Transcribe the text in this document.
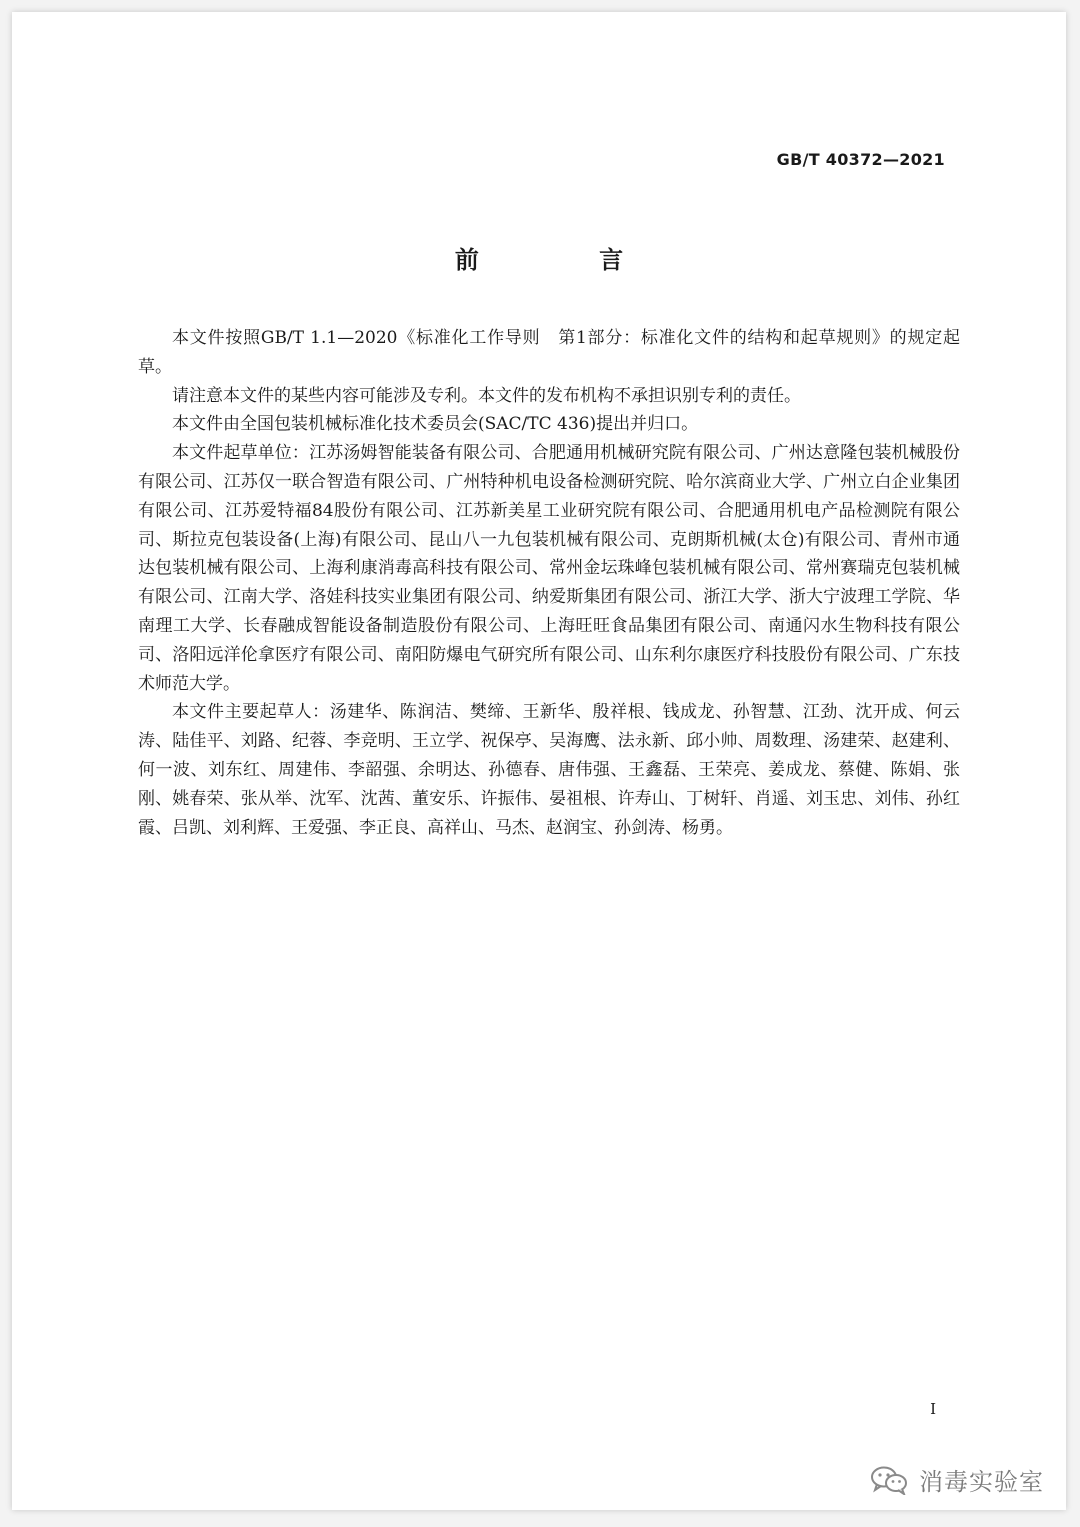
GB/T 40372—2021
前 言

本文件按照GB/T 1.1—2020《标准化工作导则　第1部分：标准化文件的结构和起草规则》的规定起草。

请注意本文件的某些内容可能涉及专利。本文件的发布机构不承担识别专利的责任。

本文件由全国包装机械标准化技术委员会(SAC/TC 436)提出并归口。

本文件起草单位：江苏汤姆智能装备有限公司、合肥通用机械研究院有限公司、广州达意隆包装机械股份有限公司、江苏仅一联合智造有限公司、广州特种机电设备检测研究院、哈尔滨商业大学、广州立白企业集团有限公司、江苏爱特福84股份有限公司、江苏新美星工业研究院有限公司、合肥通用机电产品检测院有限公司、斯拉克包装设备(上海)有限公司、昆山八一九包装机械有限公司、克朗斯机械(太仓)有限公司、青州市通达包装机械有限公司、上海利康消毒高科技有限公司、常州金坛珠峰包装机械有限公司、常州赛瑞克包装机械有限公司、江南大学、洛娃科技实业集团有限公司、纳爱斯集团有限公司、浙江大学、浙大宁波理工学院、华南理工大学、长春融成智能设备制造股份有限公司、上海旺旺食品集团有限公司、南通闪水生物科技有限公司、洛阳远洋伦拿医疗有限公司、南阳防爆电气研究所有限公司、山东利尔康医疗科技股份有限公司、广东技术师范大学。

本文件主要起草人：汤建华、陈润洁、樊缔、王新华、殷祥根、钱成龙、孙智慧、江劲、沈开成、何云涛、陆佳平、刘路、纪蓉、李竞明、王立学、祝保亭、吴海鹰、法永新、邱小帅、周数理、汤建荣、赵建利、何一波、刘东红、周建伟、李韶强、余明达、孙德春、唐伟强、王鑫磊、王荣亮、姜成龙、蔡健、陈娟、张刚、姚春荣、张从举、沈军、沈茜、董安乐、许振伟、晏祖根、许寿山、丁树轩、肖遥、刘玉忠、刘伟、孙红霞、吕凯、刘利辉、王爱强、李正良、高祥山、马杰、赵润宝、孙剑涛、杨勇。

I
消毒实验室
